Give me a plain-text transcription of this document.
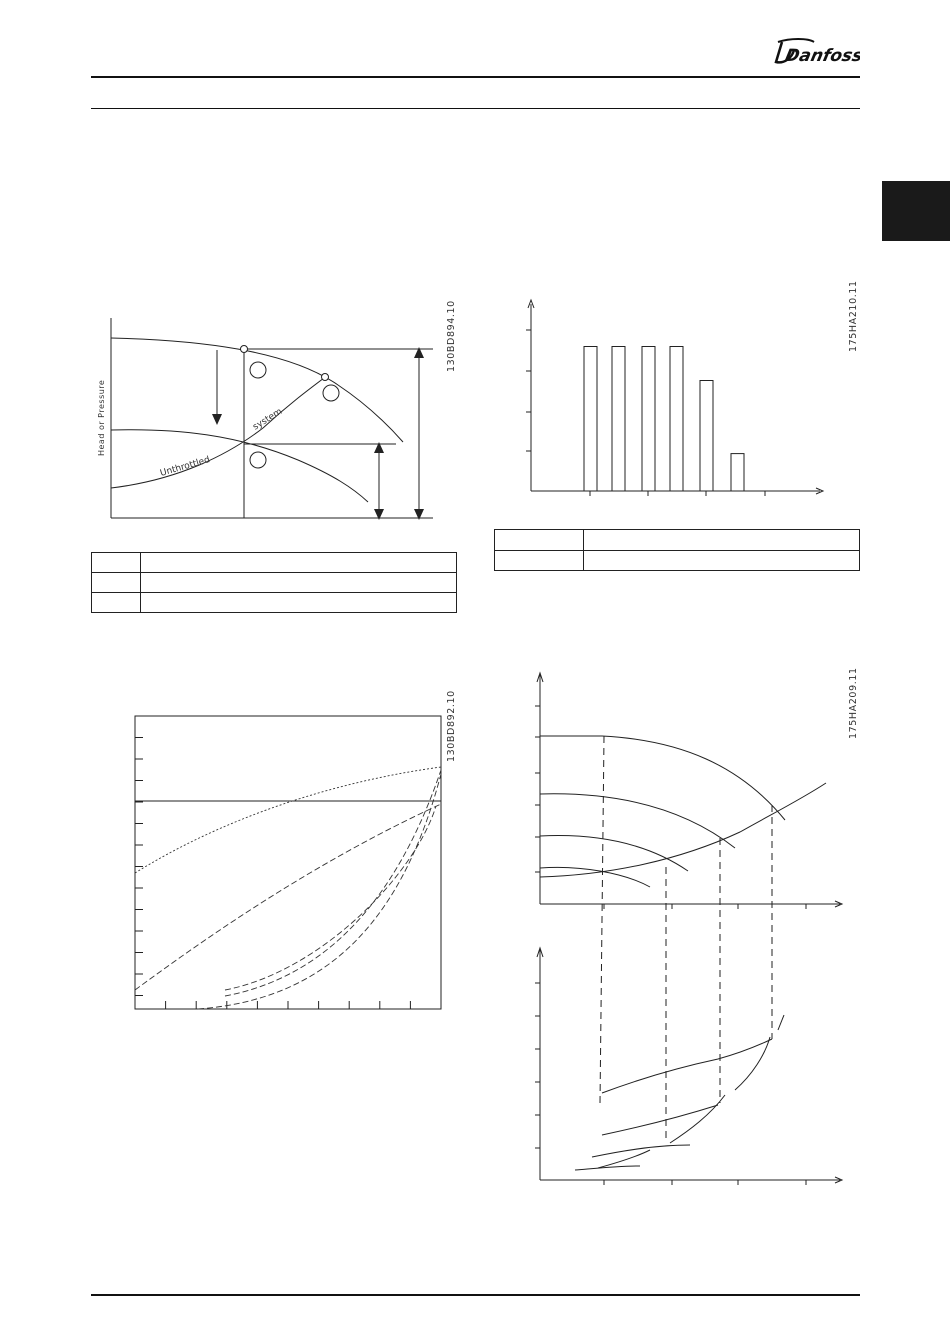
Danfoss
Head or Pressure	system
Unthrottled
130BD894.10

		175HA210.11

130BD892.10	175HA209.11
